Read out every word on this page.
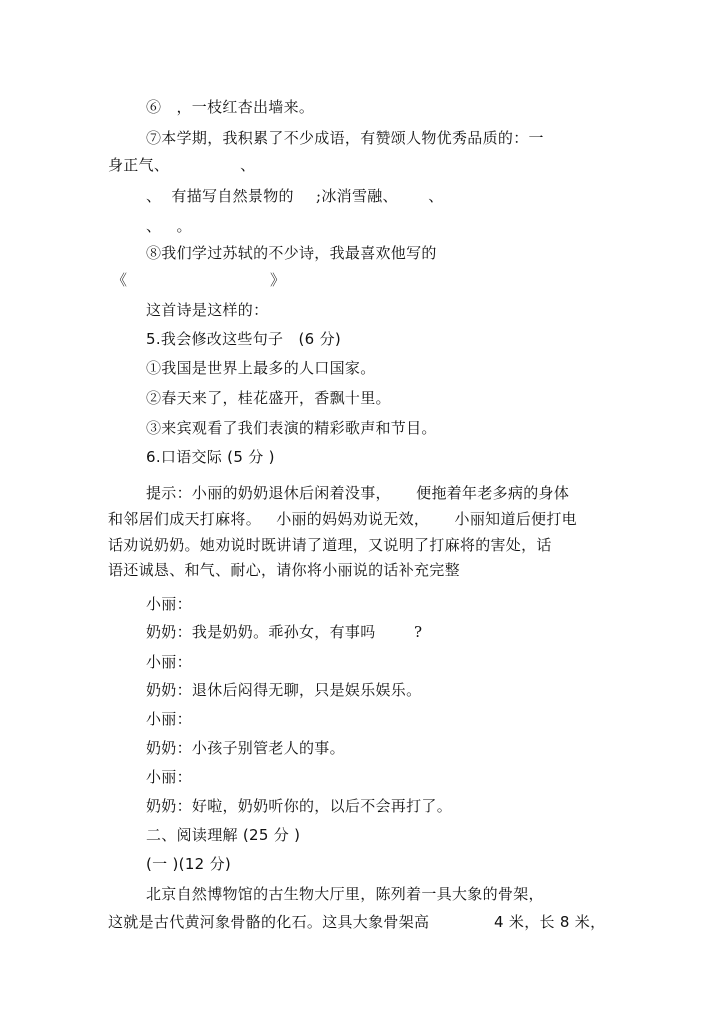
⑥   ，一枝红杏出墙来。
⑦本学期，我积累了不少成语，有赞颂人物优秀品质的：一
身正气、              、
、  有描写自然景物的 ;冰消雪融、      、
、   。
⑧我们学过苏轼的不少诗，我最喜欢他写的
《	》
这首诗是这样的：
5.我会修改这些句子   (6 分)
①我国是世界上最多的人口国家。
②春天来了，桂花盛开，香飘十里。
③来宾观看了我们表演的精彩歌声和节目。
6.口语交际 (5 分 )
提示：小丽的奶奶退休后闲着没事，     便拖着年老多病的身体
和邻居们成天打麻将。   小丽的妈妈劝说无效，     小丽知道后便打电
话劝说奶奶。她劝说时既讲请了道理，又说明了打麻将的害处，话
语还诚恳、和气、耐心，请你将小丽说的话补充完整
小丽：
奶奶：我是奶奶。乖孙女，有事吗	?
小丽：
奶奶：退休后闷得无聊，只是娱乐娱乐。
小丽：
奶奶：小孩子别管老人的事。
小丽：
奶奶：好啦，奶奶听你的，以后不会再打了。
二、阅读理解 (25 分 )
(一 )(12 分)
北京自然博物馆的古生物大厅里，陈列着一具大象的骨架，
这就是古代黄河象骨骼的化石。这具大象骨架高	4 米，长 8 米，
